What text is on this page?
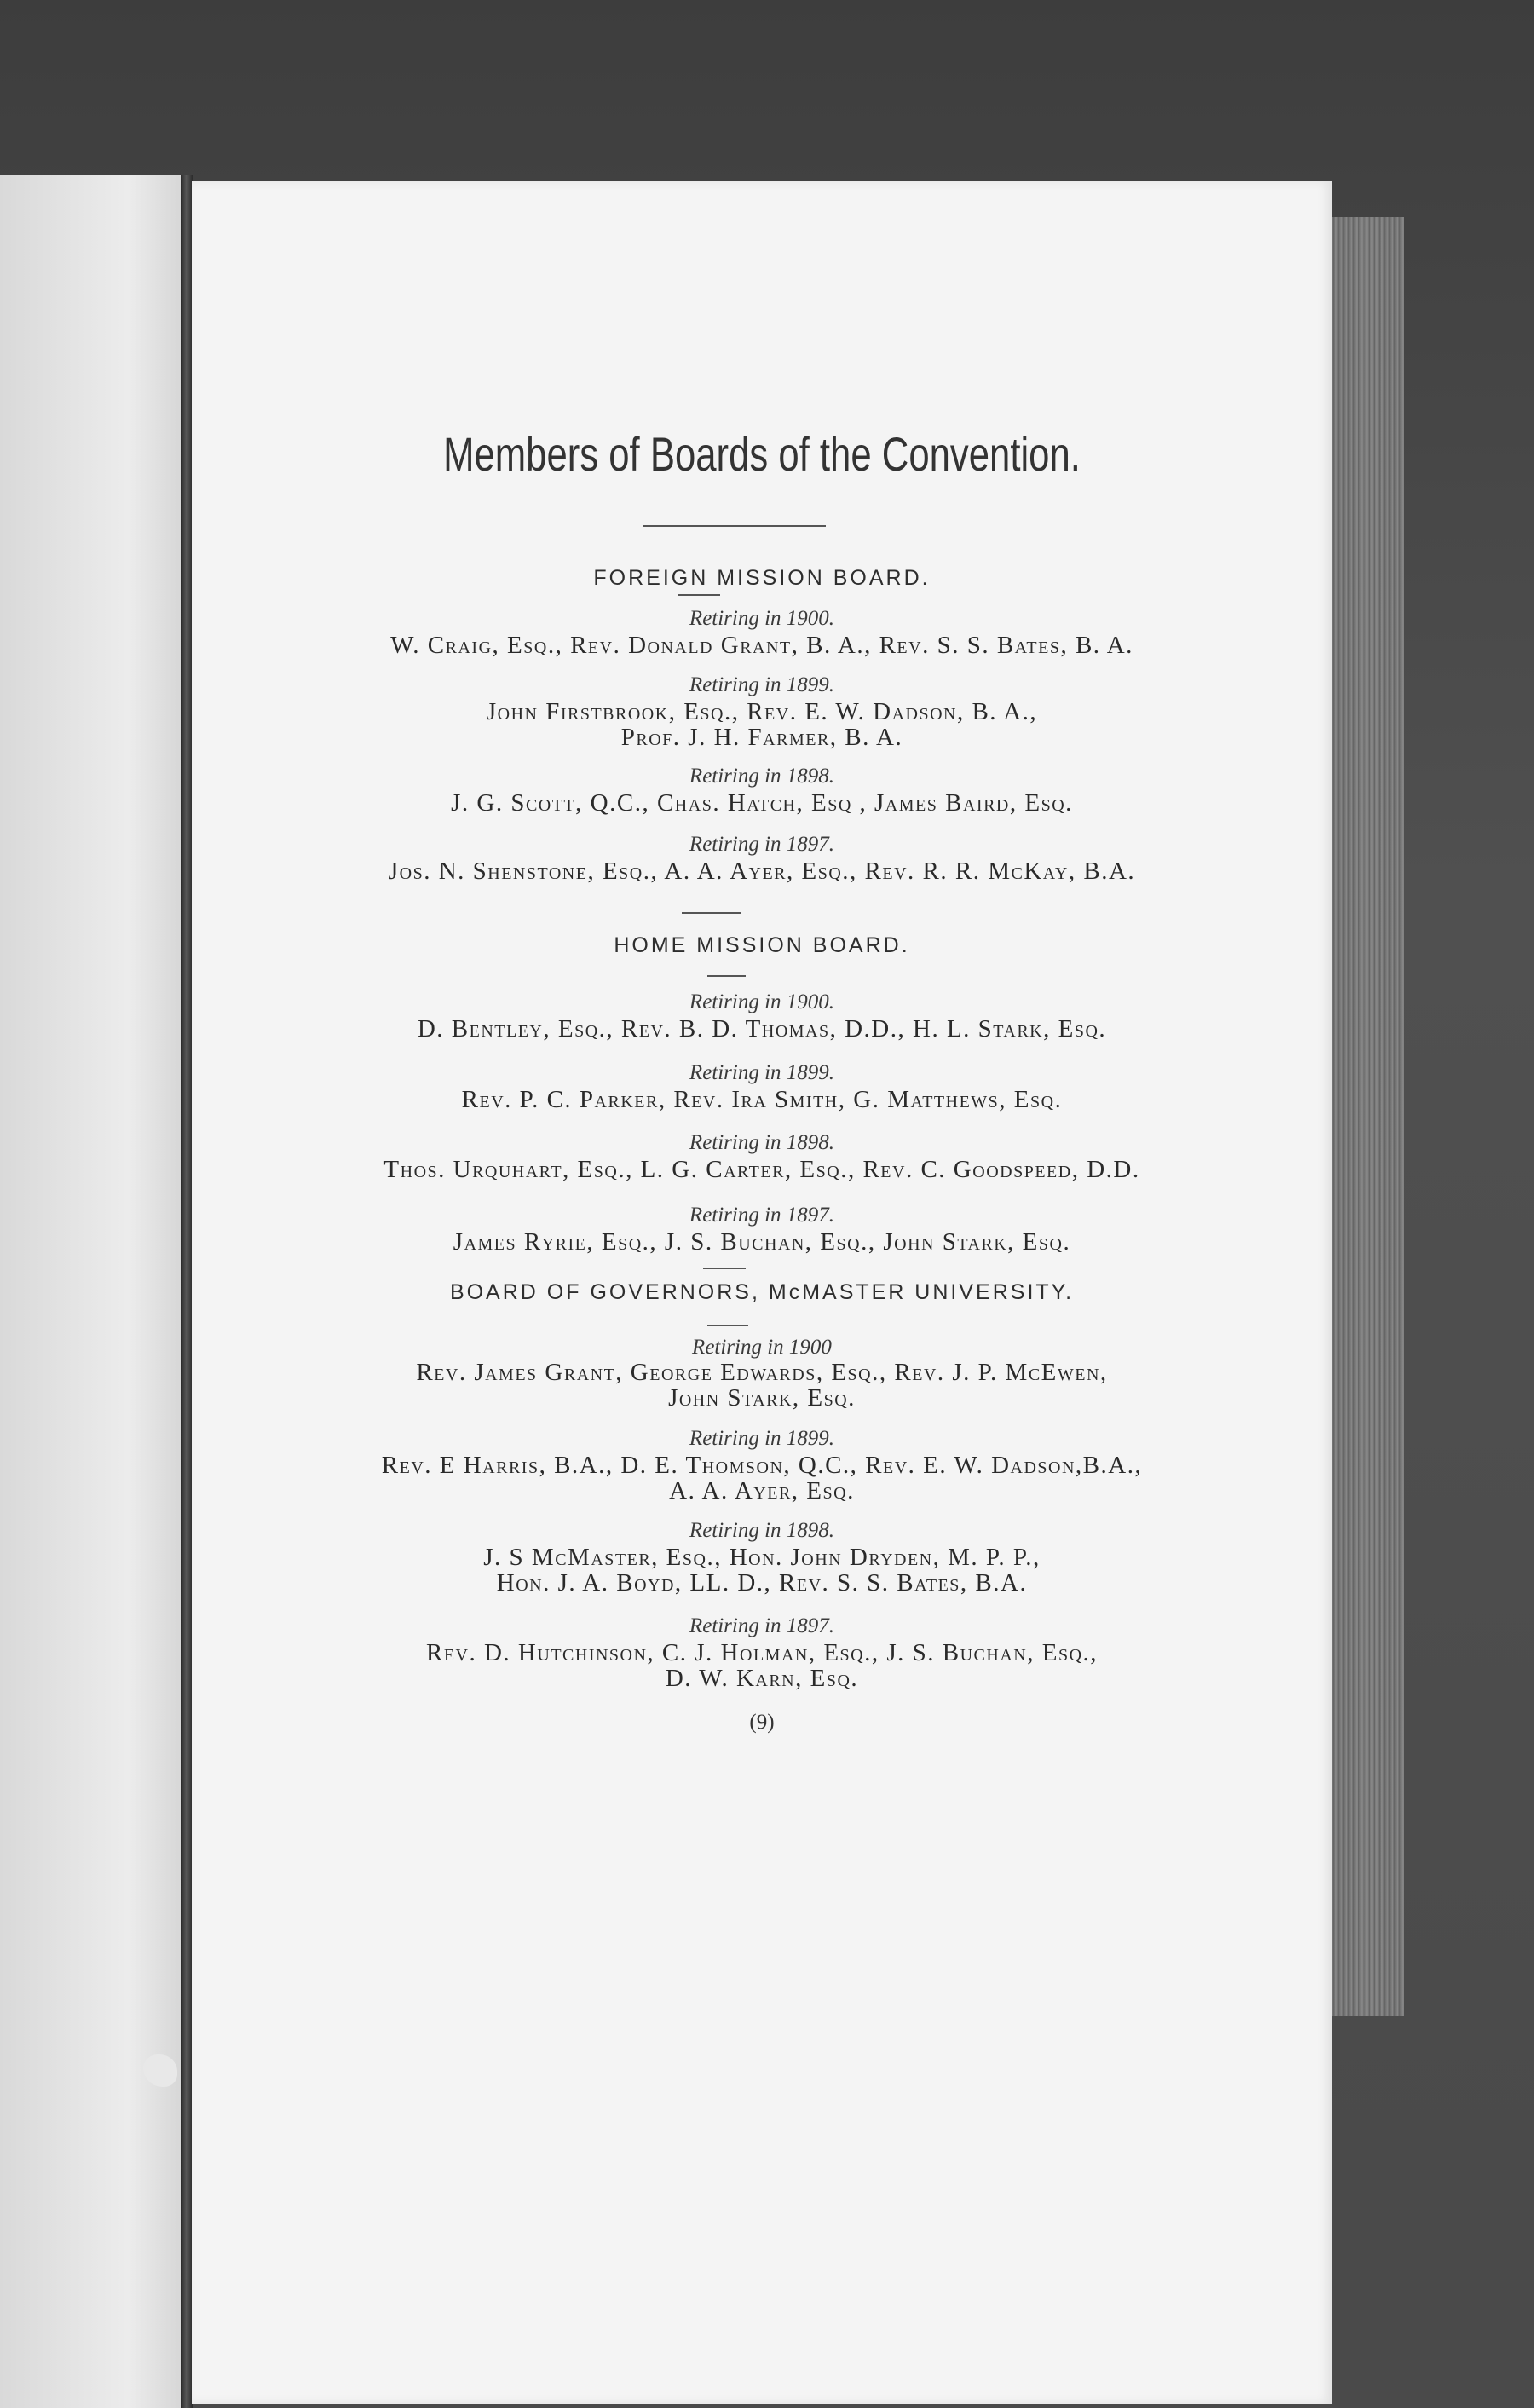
Members of Boards of the Convention.
FOREIGN MISSION BOARD.
Retiring in 1900.
W. Craig, Esq., Rev. Donald Grant, B. A., Rev. S. S. Bates, B. A.
Retiring in 1899.
John Firstbrook, Esq., Rev. E. W. Dadson, B. A.,
Prof. J. H. Farmer, B. A.
Retiring in 1898.
J. G. Scott, Q.C., Chas. Hatch, Esq , James Baird, Esq.
Retiring in 1897.
Jos. N. Shenstone, Esq., A. A. Ayer, Esq., Rev. R. R. McKay, B.A.
HOME MISSION BOARD.
Retiring in 1900.
D. Bentley, Esq., Rev. B. D. Thomas, D.D., H. L. Stark, Esq.
Retiring in 1899.
Rev. P. C. Parker, Rev. Ira Smith, G. Matthews, Esq.
Retiring in 1898.
Thos. Urquhart, Esq., L. G. Carter, Esq., Rev. C. Goodspeed, D.D.
Retiring in 1897.
James Ryrie, Esq., J. S. Buchan, Esq., John Stark, Esq.
BOARD OF GOVERNORS, McMASTER UNIVERSITY.
Retiring in 1900
Rev. James Grant, George Edwards, Esq., Rev. J. P. McEwen,
John Stark, Esq.
Retiring in 1899.
Rev. E Harris, B.A., D. E. Thomson, Q.C., Rev. E. W. Dadson,B.A.,
A. A. Ayer, Esq.
Retiring in 1898.
J. S McMaster, Esq., Hon. John Dryden, M. P. P.,
Hon. J. A. Boyd, LL. D., Rev. S. S. Bates, B.A.
Retiring in 1897.
Rev. D. Hutchinson, C. J. Holman, Esq., J. S. Buchan, Esq.,
D. W. Karn, Esq.
(9)
